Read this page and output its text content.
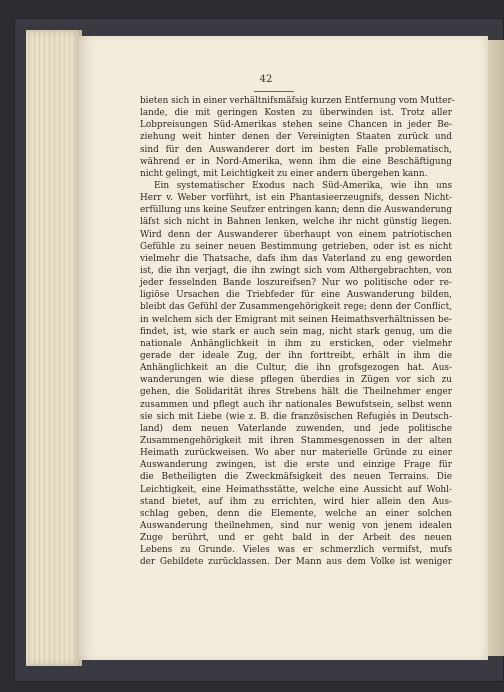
42
bieten sich in einer verhältnifsmäfsig kurzen Entfernung vom Mutter-
lande, die mit geringen Kosten zu überwinden ist. Trotz aller
Lobpreisungen Süd-Amerikas stehen seine Chancen in jeder Be-
ziehung weit hinter denen der Vereinigten Staaten zurück und
sind für den Auswanderer dort im besten Falle problematisch,
während er in Nord-Amerika, wenn ihm die eine Beschäftigung
nicht gelingt, mit Leichtigkeit zu einer andern übergehen kann.
Ein systematischer Exodus nach Süd-Amerika, wie ihn uns
Herr v. Weber vorführt, ist ein Phantasieerzeugnifs, dessen Nicht-
erfüllung uns keine Seufzer entringen kann; denn die Auswanderung
läfst sich nicht in Bahnen lenken, welche ihr nicht günstig liegen.
Wird denn der Auswanderer überhaupt von einem patriotischen
Gefühle zu seiner neuen Bestimmung getrieben, oder ist es nicht
vielmehr die Thatsache, dafs ihm das Vaterland zu eng geworden
ist, die ihn verjagt, die ihn zwingt sich vom Althergebrachten, von
jeder fesselnden Bande loszureifsen? Nur wo politische oder re-
ligiöse Ursachen die Triebfeder für eine Auswanderung bilden,
bleibt das Gefühl der Zusammengehörigkeit rege; denn der Conflict,
in welchem sich der Emigrant mit seinen Heimathsverhältnissen be-
findet, ist, wie stark er auch sein mag, nicht stark genug, um die
nationale Anhänglichkeit in ihm zu ersticken, oder vielmehr
gerade der ideale Zug, der ihn forttreibt, erhält in ihm die
Anhänglichkeit an die Cultur, die ihn grofsgezogen hat. Aus-
wanderungen wie diese pflegen überdies in Zügen vor sich zu
gehen, die Solidarität ihres Strebens hält die Theilnehmer enger
zusammen und pflegt auch ihr nationales Bewufstsein, selbst wenn
sie sich mit Liebe (wie z. B. die französischen Refugiés in Deutsch-
land) dem neuen Vaterlande zuwenden, und jede politische
Zusammengehörigkeit mit ihren Stammesgenossen in der alten
Heimath zurückweisen. Wo aber nur materielle Gründe zu einer
Auswanderung zwingen, ist die erste und einzige Frage für
die Betheiligten die Zweckmäfsigkeit des neuen Terrains. Die
Leichtigkeit, eine Heimathsstätte, welche eine Aussicht auf Wohl-
stand bietet, auf ihm zu errichten, wird hier allein den Aus-
schlag geben, denn die Elemente, welche an einer solchen
Auswanderung theilnehmen, sind nur wenig von jenem idealen
Zuge berührt, und er geht bald in der Arbeit des neuen
Lebens zu Grunde. Vieles was er schmerzlich vermifst, mufs
der Gebildete zurücklassen. Der Mann aus dem Volke ist weniger
